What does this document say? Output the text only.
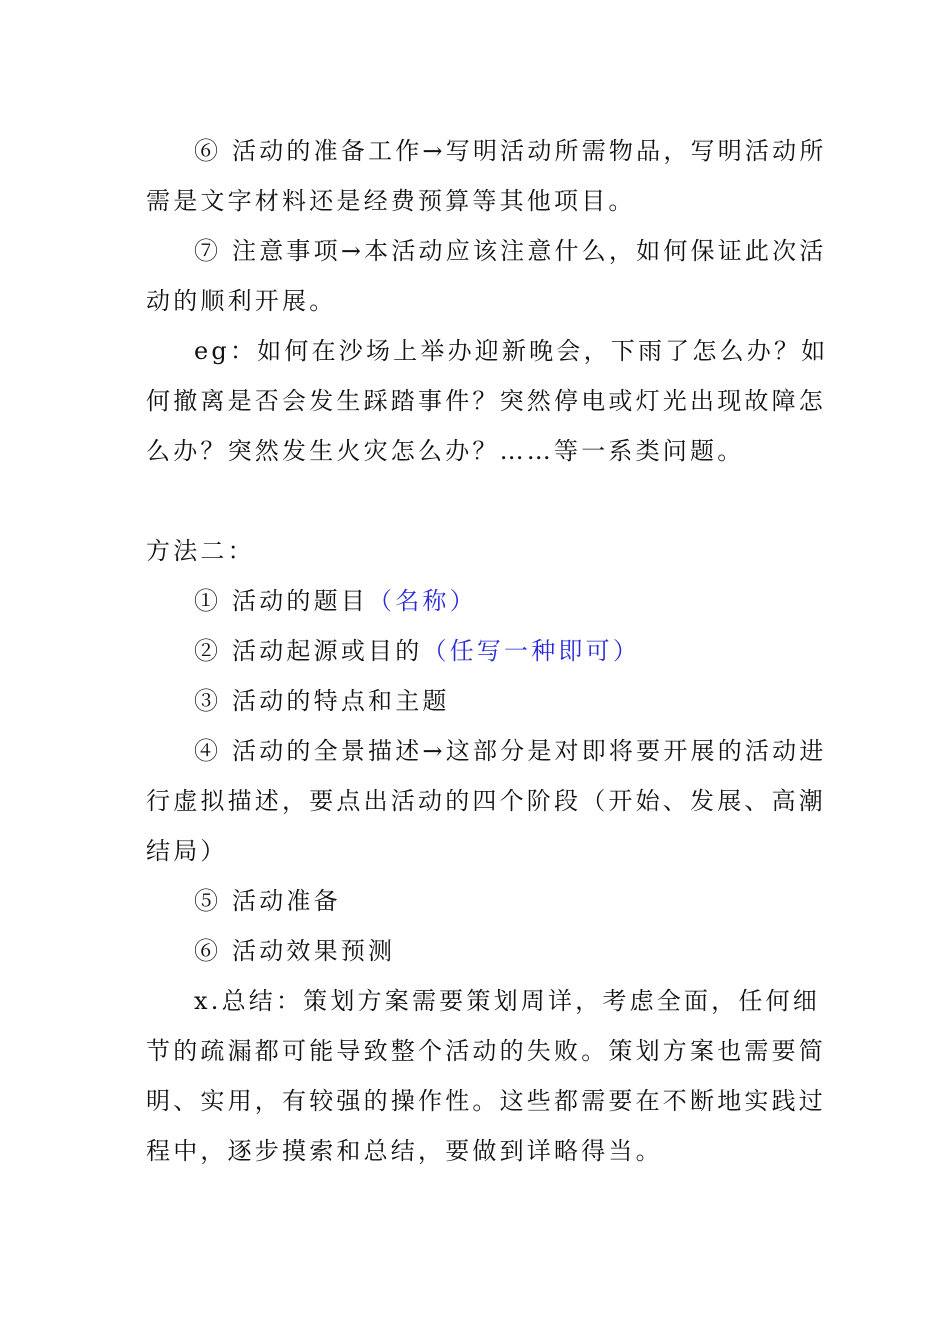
⑥ 活动的准备工作→写明活动所需物品，写明活动所
需是文字材料还是经费预算等其他项目。
⑦ 注意事项→本活动应该注意什么，如何保证此次活
动的顺利开展。
eg：如何在沙场上举办迎新晚会，下雨了怎么办？如
何撤离是否会发生踩踏事件？突然停电或灯光出现故障怎
么办？突然发生火灾怎么办？……等一系类问题。
方法二：
① 活动的题目（名称）
② 活动起源或目的（任写一种即可）
③ 活动的特点和主题
④ 活动的全景描述→这部分是对即将要开展的活动进
行虚拟描述，要点出活动的四个阶段（开始、发展、高潮
结局）
⑤ 活动准备
⑥ 活动效果预测
x.总结：策划方案需要策划周详，考虑全面，任何细
节的疏漏都可能导致整个活动的失败。策划方案也需要简
明、实用，有较强的操作性。这些都需要在不断地实践过
程中，逐步摸索和总结，要做到详略得当。
